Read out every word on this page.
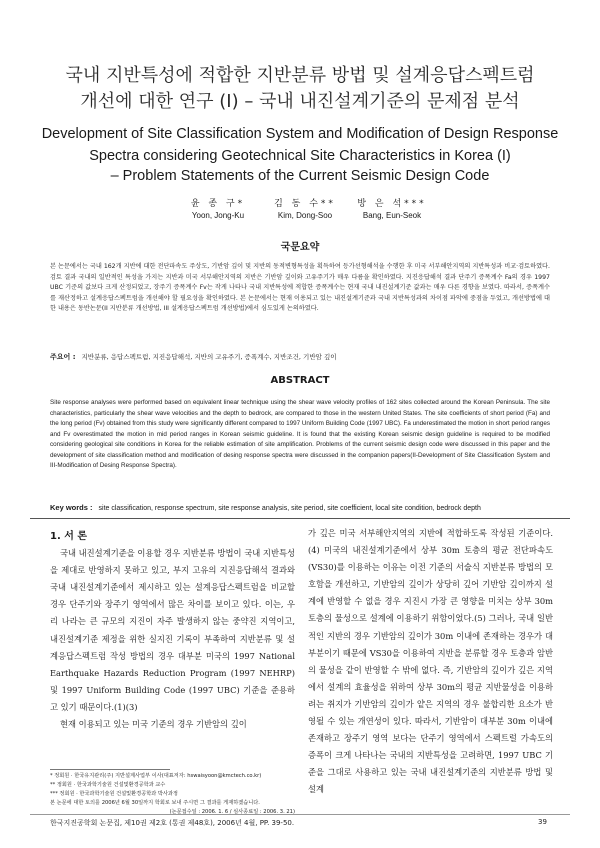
국내 지반특성에 적합한 지반분류 방법 및 설계응답스펙트럼
개선에 대한 연구 (I) – 국내 내진설계기준의 문제점 분석
Development of Site Classification System and Modification of Design Response
Spectra considering Geotechnical Site Characteristics in Korea (I)
– Problem Statements of the Current Seismic Design Code
윤 종 구*
Yoon, Jong-Ku
김 동 수**
Kim, Dong-Soo
방 은 석***
Bang, Eun-Seok
국문요약
본 논문에서는 국내 162개 지반에 대한 전단파속도 주상도, 기반암 깊이 및 지반의 동적변형특성을 획득하여 등가선형해석을 수행한 후 미국 서부해안지역의 지반특성과 비교·검토하였다. 검토 결과 국내의 일반적인 특성을 가지는 지반과 미국 서부해안지역의 지반은 기반암 깊이와 고유주기가 매우 다름을 확인하였다. 지진응답해석 결과 단주기 증폭계수 Fa의 경우 1997 UBC 기준의 값보다 크게 산정되었고, 장주기 증폭계수 Fv는 작게 나타나 국내 지반특성에 적합한 증폭계수는 현재 국내 내진설계기준 값과는 매우 다른 경향을 보였다. 따라서, 증폭계수를 재산정하고 설계응답스펙트럼을 개선해야 할 필요성을 확인하였다. 본 논문에서는 현재 이용되고 있는 내진설계기준과 국내 지반특성과의 차이점 파악에 중점을 두었고, 개선방법에 대한 내용은 동반논문(II 지반분류 개선방법, III 설계응답스펙트럼 개선방법)에서 심도있게 논의하였다.
주요어 : 지반분류, 응답스펙트럼, 지진응답해석, 지반의 고유주기, 증폭계수, 지반조건, 기반암 깊이
ABSTRACT
Site response analyses were performed based on equivalent linear technique using the shear wave velocity profiles of 162 sites collected around the Korean Peninsula. The site characteristics, particularly the shear wave velocities and the depth to bedrock, are compared to those in the western United States. The site coefficients of short period (Fa) and the long period (Fv) obtained from this study were significantly different compared to 1997 Uniform Building Code (1997 UBC). Fa underestimated the motion in short period ranges and Fv overestimated the motion in mid period ranges in Korean seismic guideline. It is found that the existing Korean seismic design guideline is required to be modified considering geological site conditions in Korea for the reliable estimation of site amplification. Problems of the current seismic design code were discussed in this paper and the development of site classification method and modification of desing response spectra were discussed in the companion papers(II-Development of Site Classification System and III-Modification of Desing Response Spectra).
Key words : site classification, response spectrum, site response analysis, site period, site coefficient, local site condition, bedrock depth

1. 서 론

국내 내진설계기준을 이용할 경우 지반분류 방법이 국내 지반특성을 제대로 반영하지 못하고 있고, 부지 고유의 지진응답해석 결과와 국내 내진설계기준에서 제시하고 있는 설계응답스펙트럼을 비교할 경우 단주기와 장주기 영역에서 많은 차이를 보이고 있다. 이는, 우리 나라는 큰 규모의 지진이 자주 발생하지 않는 중약진 지역이고, 내진설계기준 제정을 위한 실지진 기록이 부족하여 지반분류 및 설계응답스펙트럼 작성 방법의 경우 대부분 미국의 1997 National Earthquake Hazards Reduction Program (1997 NEHRP) 및 1997 Uniform Building Code (1997 UBC) 기준을 준용하고 있기 때문이다.(1)(3)

현재 이용되고 있는 미국 기준의 경우 기반암의 깊이

* 정회원 · 한국유지관리(주) 지반설계사업부 이사(대표저자: hswaisyoon@kmctech.co.kr)
** 정회원 · 한국과학기술원 건설및환경공학과 교수
*** 정회원 · 한국과학기술원 건설및환경공학과 박사과정
본 논문에 대한 토의를 2006년 6월 30일까지 학회로 보내 주시면 그 결과를 게재하겠습니다.
(논문접수일 : 2006. 1. 6 / 심사종료일 : 2006. 3. 21)

가 깊은 미국 서부해안지역의 지반에 적합하도록 작성된 기준이다.(4) 미국의 내진설계기준에서 상부 30m 토층의 평균 전단파속도(VS30)를 이용하는 이유는 이전 기준의 서술식 지반분류 방법의 모호함을 개선하고, 기반암의 깊이가 상당히 깊어 기반암 깊이까지 설계에 반영할 수 없을 경우 지진시 가장 큰 영향을 미치는 상부 30m 토층의 물성으로 설계에 이용하기 위함이었다.(5) 그러나, 국내 일반적인 지반의 경우 기반암의 깊이가 30m 이내에 존재하는 경우가 대부분이기 때문에 VS30을 이용하여 지반을 분류할 경우 토층과 암반의 물성을 같이 반영할 수 밖에 없다. 즉, 기반암의 깊이가 깊은 지역에서 설계의 효율성을 위하여 상부 30m의 평균 지반물성을 이용하려는 취지가 기반암의 깊이가 얕은 지역의 경우 불합리한 요소가 반영될 수 있는 개연성이 있다. 따라서, 기반암이 대부분 30m 이내에 존재하고 장주기 영역 보다는 단주기 영역에서 스펙트럴 가속도의 증폭이 크게 나타나는 국내의 지반특성을 고려하면, 1997 UBC 기준을 그대로 사용하고 있는 국내 내진설계기준의 지반분류 방법 및 설계

한국지진공학회 논문집, 제10권 제2호 (통권 제48호), 2006년 4월, PP. 39-50.	39
